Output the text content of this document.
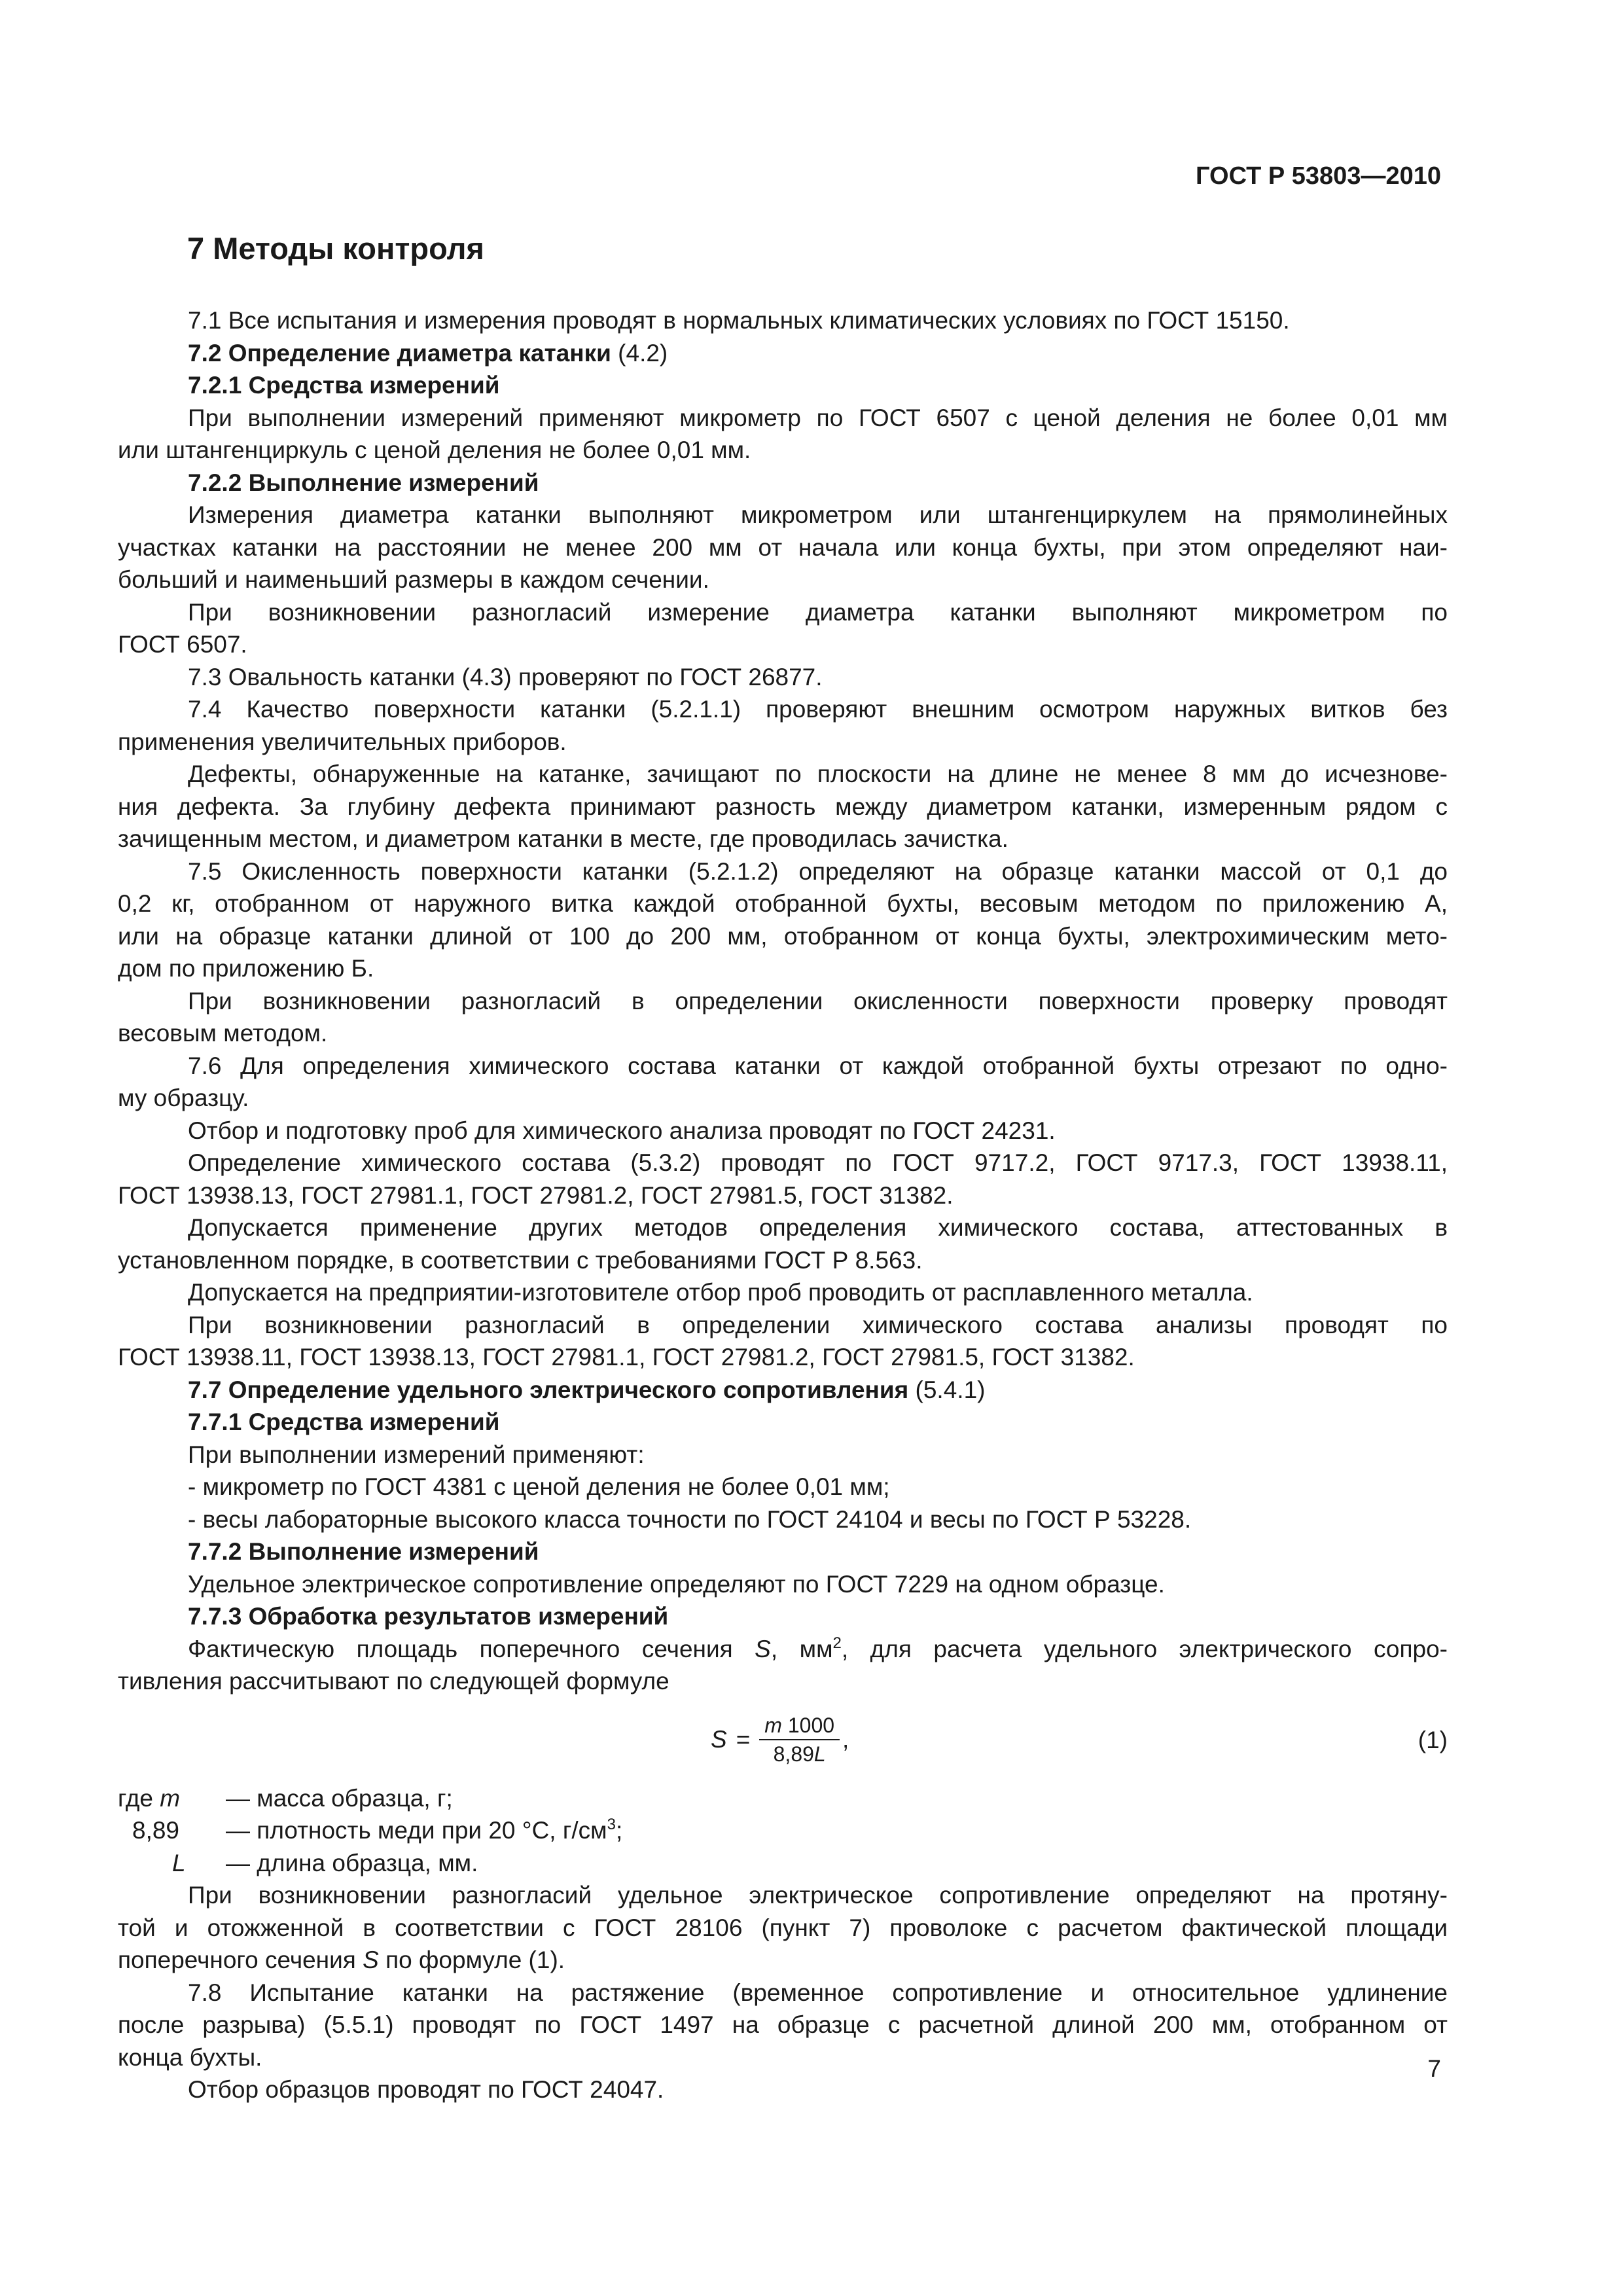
ГОСТ Р 53803—2010
7 Методы контроля
7.1 Все испытания и измерения проводят в нормальных климатических условиях по ГОСТ 15150.
7.2 Определение диаметра катанки (4.2)
7.2.1 Средства измерений
При выполнении измерений применяют микрометр по ГОСТ 6507 с ценой деления не более 0,01 мм
или штангенциркуль с ценой деления не более 0,01 мм.
7.2.2 Выполнение измерений
Измерения диаметра катанки выполняют микрометром или штангенциркулем на прямолинейных
участках катанки на расстоянии не менее 200 мм от начала или конца бухты, при этом определяют наи-
больший и наименьший размеры в каждом сечении.
При возникновении разногласий измерение диаметра катанки выполняют микрометром по
ГОСТ 6507.
7.3 Овальность катанки (4.3) проверяют по ГОСТ 26877.
7.4 Качество поверхности катанки (5.2.1.1) проверяют внешним осмотром наружных витков без
применения увеличительных приборов.
Дефекты, обнаруженные на катанке, зачищают по плоскости на длине не менее 8 мм до исчезнове-
ния дефекта. За глубину дефекта принимают разность между диаметром катанки, измеренным рядом с
зачищенным местом, и диаметром катанки в месте, где проводилась зачистка.
7.5 Окисленность поверхности катанки (5.2.1.2) определяют на образце катанки массой от 0,1 до
0,2 кг, отобранном от наружного витка каждой отобранной бухты, весовым методом по приложению А,
или на образце катанки длиной от 100 до 200 мм, отобранном от конца бухты, электрохимическим мето-
дом по приложению Б.
При возникновении разногласий в определении окисленности поверхности проверку проводят
весовым методом.
7.6 Для определения химического состава катанки от каждой отобранной бухты отрезают по одно-
му образцу.
Отбор и подготовку проб для химического анализа проводят по ГОСТ 24231.
Определение химического состава (5.3.2) проводят по ГОСТ 9717.2, ГОСТ 9717.3, ГОСТ 13938.11,
ГОСТ 13938.13, ГОСТ 27981.1, ГОСТ 27981.2, ГОСТ 27981.5, ГОСТ 31382.
Допускается применение других методов определения химического состава, аттестованных в
установленном порядке, в соответствии с требованиями ГОСТ Р 8.563.
Допускается на предприятии-изготовителе отбор проб проводить от расплавленного металла.
При возникновении разногласий в определении химического состава анализы проводят по
ГОСТ 13938.11, ГОСТ 13938.13, ГОСТ 27981.1, ГОСТ 27981.2, ГОСТ 27981.5, ГОСТ 31382.
7.7 Определение удельного электрического сопротивления (5.4.1)
7.7.1 Средства измерений
При выполнении измерений применяют:
- микрометр по ГОСТ 4381 с ценой деления не более 0,01 мм;
- весы лабораторные высокого класса точности по ГОСТ 24104 и весы по ГОСТ Р 53228.
7.7.2 Выполнение измерений
Удельное электрическое сопротивление определяют по ГОСТ 7229 на одном образце.
7.7.3 Обработка результатов измерений
Фактическую площадь поперечного сечения S, $мм^2$, для расчета удельного электрического сопро-
тивления рассчитывают по следующей формуле
$S = \frac{m 1000}{8,89L}$ ,	(1)
где m — масса образца, г;
8,89 — плотность меди при 20 °С, $г/см^3$;
L — длина образца, мм.
При возникновении разногласий удельное электрическое сопротивление определяют на протяну-
той и отожженной в соответствии с ГОСТ 28106 (пункт 7) проволоке с расчетом фактической площади
поперечного сечения S по формуле (1).
7.8 Испытание катанки на растяжение (временное сопротивление и относительное удлинение
после разрыва) (5.5.1) проводят по ГОСТ 1497 на образце с расчетной длиной 200 мм, отобранном от
конца бухты.
Отбор образцов проводят по ГОСТ 24047.
7
